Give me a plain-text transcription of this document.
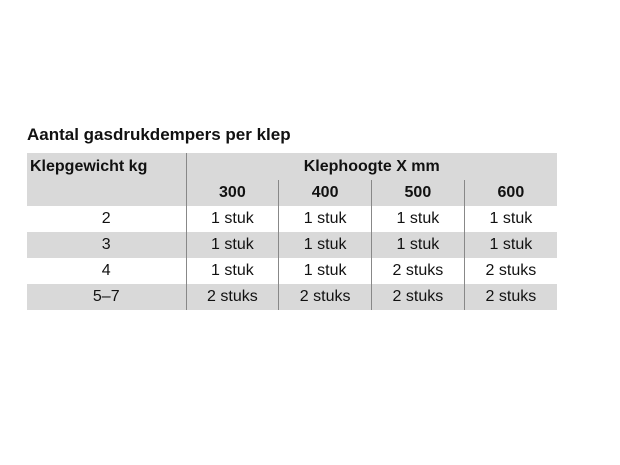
Aantal gasdrukdempers per klep
Klepgewicht kg	Klephoogte X mm			
	300	400	500	600
2	1 stuk	1 stuk	1 stuk	1 stuk
3	1 stuk	1 stuk	1 stuk	1 stuk
4	1 stuk	1 stuk	2 stuks	2 stuks
5–7	2 stuks	2 stuks	2 stuks	2 stuks
